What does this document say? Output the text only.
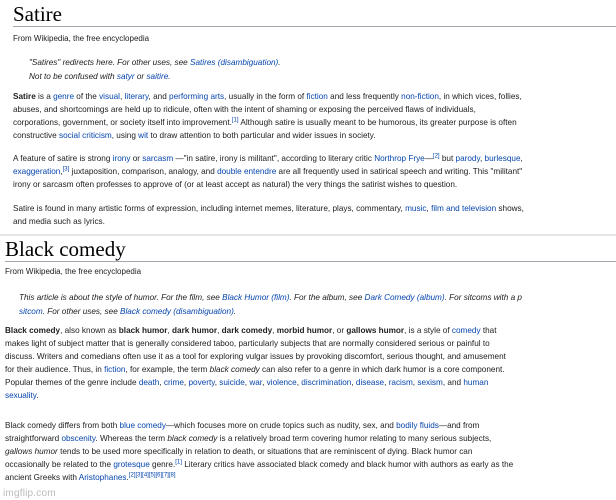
Satire
From Wikipedia, the free encyclopedia
"Satires" redirects here. For other uses, see Satires (disambiguation).
Not to be confused with satyr or saitire.
Satire is a genre of the visual, literary, and performing arts, usually in the form of fiction and less frequently non-fiction, in which vices, follies,
abuses, and shortcomings are held up to ridicule, often with the intent of shaming or exposing the perceived flaws of individuals,
corporations, government, or society itself into improvement.[1] Although satire is usually meant to be humorous, its greater purpose is often
constructive social criticism, using wit to draw attention to both particular and wider issues in society.
A feature of satire is strong irony or sarcasm —"in satire, irony is militant", according to literary critic Northrop Frye—[2] but parody, burlesque,
exaggeration,[3] juxtaposition, comparison, analogy, and double entendre are all frequently used in satirical speech and writing. This "militant"
irony or sarcasm often professes to approve of (or at least accept as natural) the very things the satirist wishes to question.
Satire is found in many artistic forms of expression, including internet memes, literature, plays, commentary, music, film and television shows,
and media such as lyrics.
Black comedy
From Wikipedia, the free encyclopedia
This article is about the style of humor. For the film, see Black Humor (film). For the album, see Dark Comedy (album). For sitcoms with a p
sitcom. For other uses, see Black comedy (disambiguation).
Black comedy, also known as black humor, dark humor, dark comedy, morbid humor, or gallows humor, is a style of comedy that
makes light of subject matter that is generally considered taboo, particularly subjects that are normally considered serious or painful to
discuss. Writers and comedians often use it as a tool for exploring vulgar issues by provoking discomfort, serious thought, and amusement
for their audience. Thus, in fiction, for example, the term black comedy can also refer to a genre in which dark humor is a core component.
Popular themes of the genre include death, crime, poverty, suicide, war, violence, discrimination, disease, racism, sexism, and human
sexuality.
Black comedy differs from both blue comedy—which focuses more on crude topics such as nudity, sex, and bodily fluids—and from
straightforward obscenity. Whereas the term black comedy is a relatively broad term covering humor relating to many serious subjects,
gallows humor tends to be used more specifically in relation to death, or situations that are reminiscent of dying. Black humor can
occasionally be related to the grotesque genre.[1] Literary critics have associated black comedy and black humor with authors as early as the
ancient Greeks with Aristophanes.[2][3][4][5][6][7][8]
imgflip.com
